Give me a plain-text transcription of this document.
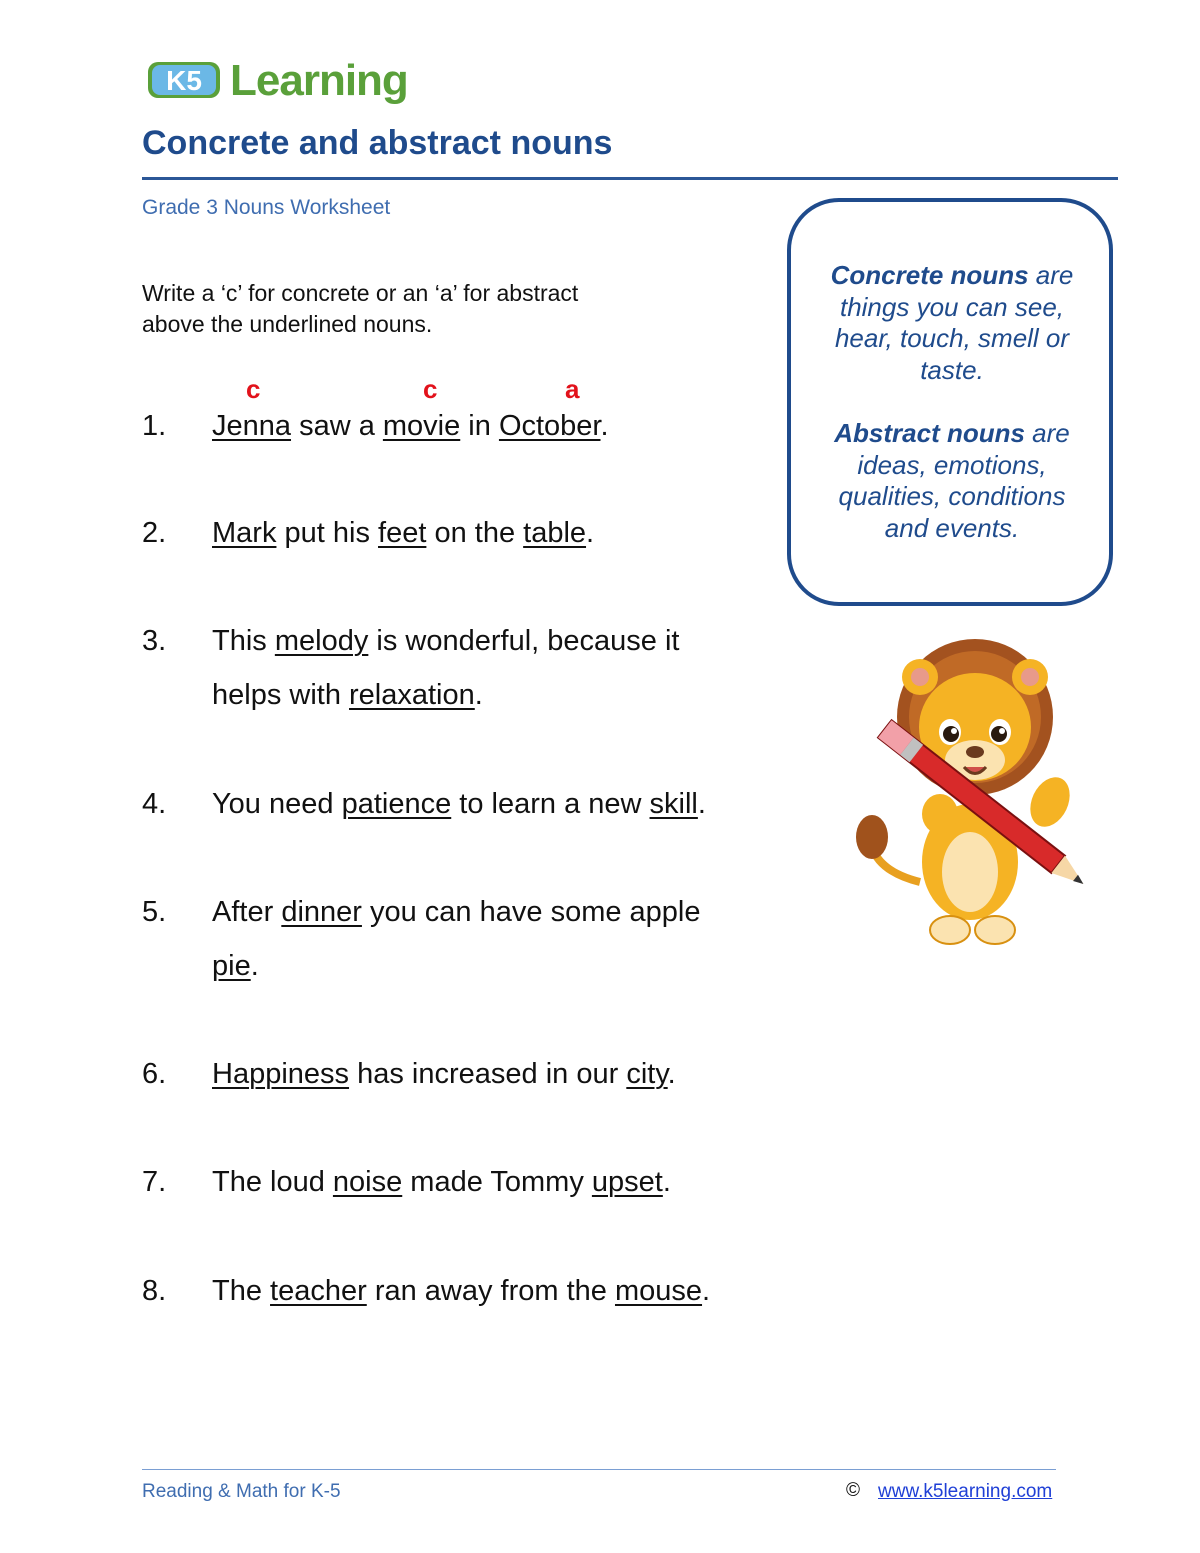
K5 Learning
Concrete and abstract nouns
Grade 3 Nouns Worksheet
Write a ‘c’ for concrete or an ‘a’ for abstract
above the underlined nouns.
c	c	a
1. Jenna saw a movie in October.
2. Mark put his feet on the table.
3. This melody is wonderful, because it
helps with relaxation.
4. You need patience to learn a new skill.
5. After dinner you can have some apple
pie.
6. Happiness has increased in our city.
7. The loud noise made Tommy upset.
8. The teacher ran away from the mouse.
Concrete nouns are
things you can see,
hear, touch, smell or
taste.
Abstract nouns are
ideas, emotions,
qualities, conditions
and events.
Reading & Math for K-5	© www.k5learning.com
